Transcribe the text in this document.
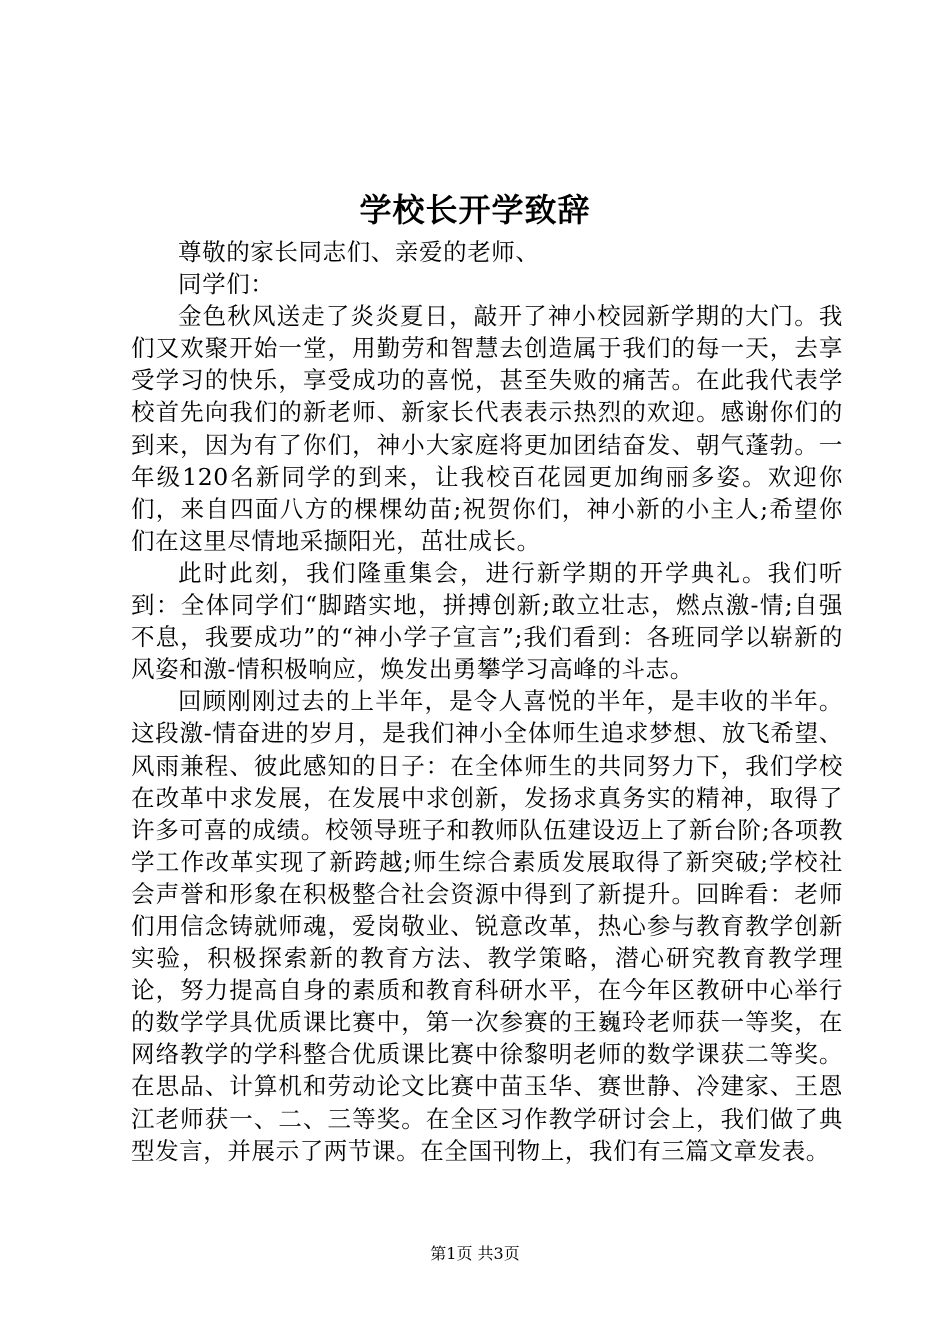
学校长开学致辞

尊敬的家长同志们、亲爱的老师、

同学们：

金色秋风送走了炎炎夏日，敲开了神小校园新学期的大门。我们又欢聚开始一堂，用勤劳和智慧去创造属于我们的每一天，去享受学习的快乐，享受成功的喜悦，甚至失败的痛苦。在此我代表学校首先向我们的新老师、新家长代表表示热烈的欢迎。感谢你们的到来，因为有了你们，神小大家庭将更加团结奋发、朝气蓬勃。一年级120名新同学的到来，让我校百花园更加绚丽多姿。欢迎你们，来自四面八方的棵棵幼苗;祝贺你们，神小新的小主人;希望你们在这里尽情地采撷阳光，茁壮成长。

此时此刻，我们隆重集会，进行新学期的开学典礼。我们听到：全体同学们“脚踏实地，拼搏创新;敢立壮志，燃点激-情;自强不息，我要成功”的“神小学子宣言”;我们看到：各班同学以崭新的风姿和激-情积极响应，焕发出勇攀学习高峰的斗志。

回顾刚刚过去的上半年，是令人喜悦的半年，是丰收的半年。这段激-情奋进的岁月，是我们神小全体师生追求梦想、放飞希望、风雨兼程、彼此感知的日子：在全体师生的共同努力下，我们学校在改革中求发展，在发展中求创新，发扬求真务实的精神，取得了许多可喜的成绩。校领导班子和教师队伍建设迈上了新台阶;各项教学工作改革实现了新跨越;师生综合素质发展取得了新突破;学校社会声誉和形象在积极整合社会资源中得到了新提升。回眸看：老师们用信念铸就师魂，爱岗敬业、锐意改革，热心参与教育教学创新实验，积极探索新的教育方法、教学策略，潜心研究教育教学理论，努力提高自身的素质和教育科研水平，在今年区教研中心举行的数学学具优质课比赛中，第一次参赛的王巍玲老师获一等奖，在网络教学的学科整合优质课比赛中徐黎明老师的数学课获二等奖。在思品、计算机和劳动论文比赛中苗玉华、赛世静、冷建家、王恩江老师获一、二、三等奖。在全区习作教学研讨会上，我们做了典型发言，并展示了两节课。在全国刊物上，我们有三篇文章发表。

第1页 共3页
